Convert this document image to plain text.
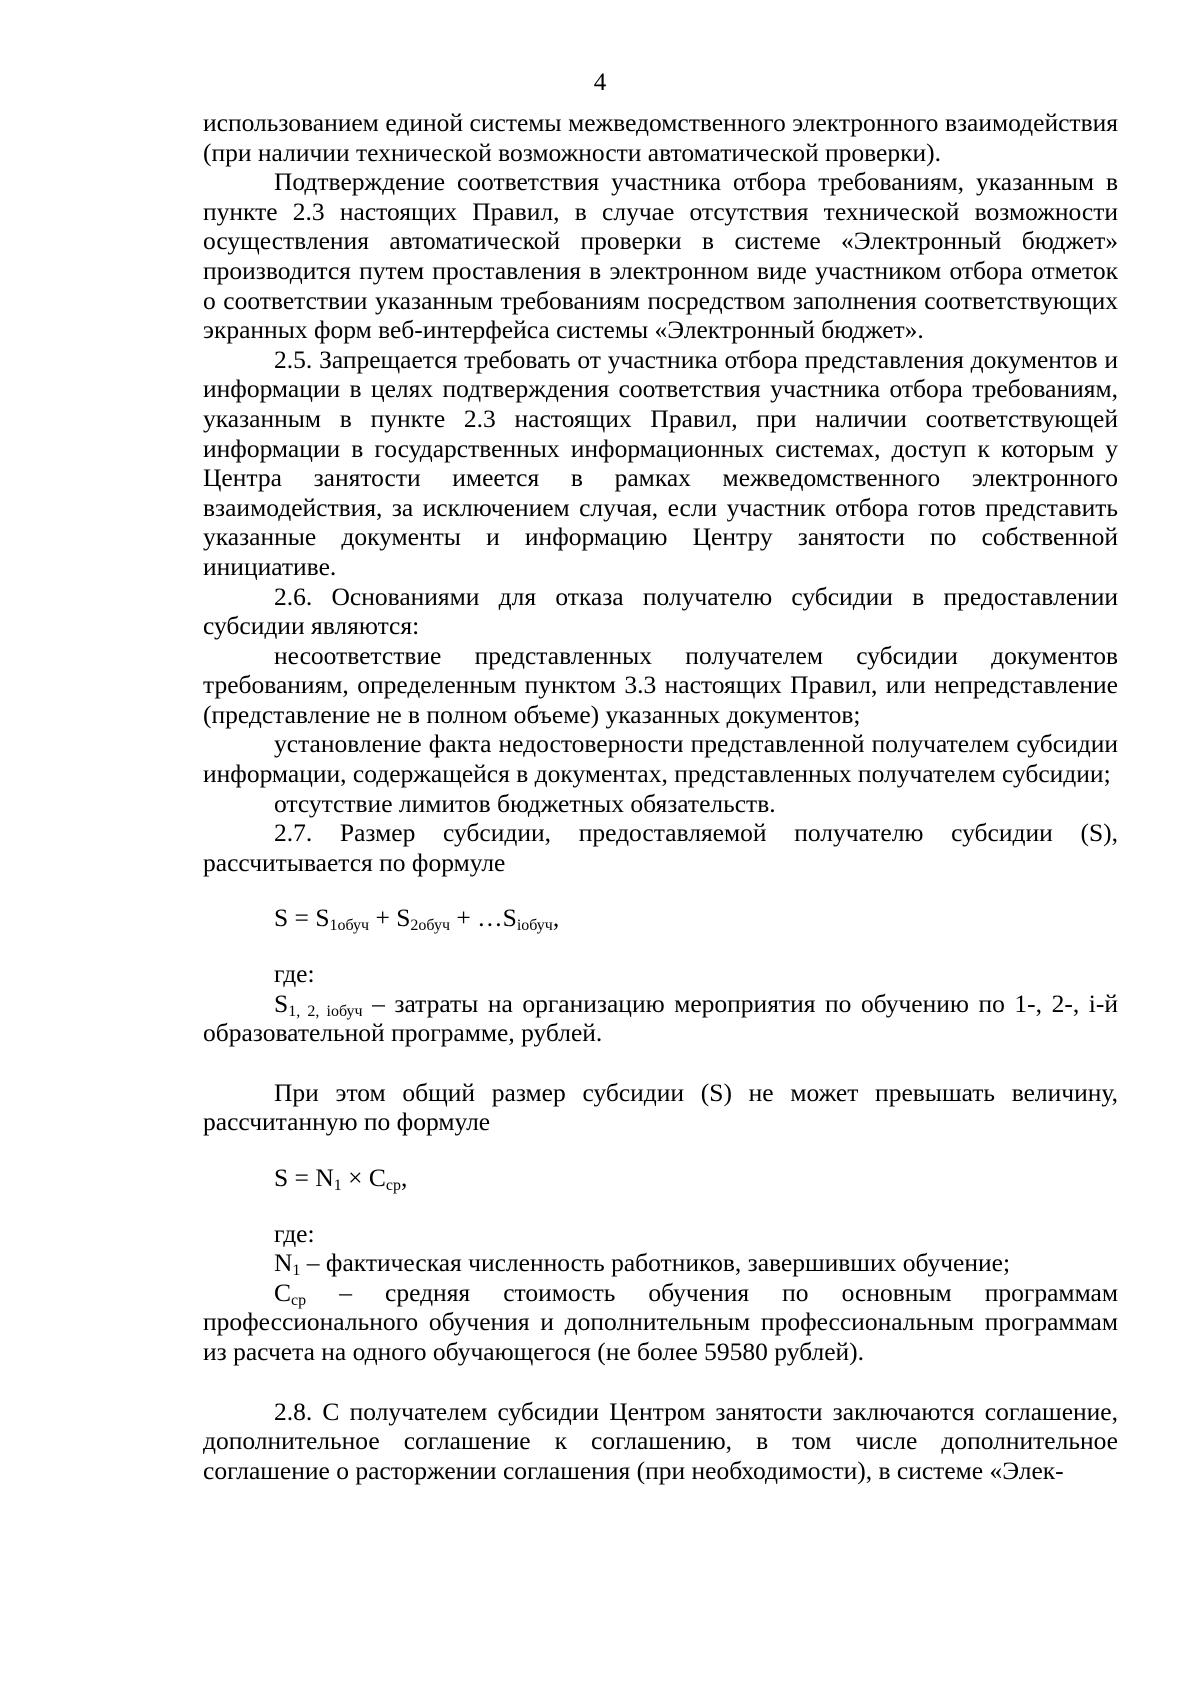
4

использованием единой системы межведомственного электронного взаимодействия (при наличии технической возможности автоматической проверки).

Подтверждение соответствия участника отбора требованиям, указанным в пункте 2.3 настоящих Правил, в случае отсутствия технической возможности осуществления автоматической проверки в системе «Электронный бюджет» производится путем проставления в электронном виде участником отбора отметок о соответствии указанным требованиям посредством заполнения соответствующих экранных форм веб-интерфейса системы «Электронный бюджет».

2.5. Запрещается требовать от участника отбора представления документов и информации в целях подтверждения соответствия участника отбора требованиям, указанным в пункте 2.3 настоящих Правил, при наличии соответствующей информации в государственных информационных системах, доступ к которым у Центра занятости имеется в рамках межведомственного электронного взаимодействия, за исключением случая, если участник отбора готов представить указанные документы и информацию Центру занятости по собственной инициативе.

2.6. Основаниями для отказа получателю субсидии в предоставлении субсидии являются:

несоответствие представленных получателем субсидии документов требованиям, определенным пунктом 3.3 настоящих Правил, или непредставление (представление не в полном объеме) указанных документов;

установление факта недостоверности представленной получателем субсидии информации, содержащейся в документах, представленных получателем субсидии;

отсутствие лимитов бюджетных обязательств.

2.7. Размер субсидии, предоставляемой получателю субсидии (S), рассчитывается по формуле

$S = S_{1обуч} + S_{2обуч}$ + $\dots S_{iобуч}$,

где:

$S_{1, 2, iобуч}$ – затраты на организацию мероприятия по обучению по 1-, 2-, i-й образовательной программе, рублей.

При этом общий размер субсидии (S) не может превышать величину, рассчитанную по формуле

$S = N_1 \times С_{ср}$,

где:

$N_1$ – фактическая численность работников, завершивших обучение;

$С_{ср}$ – средняя стоимость обучения по основным программам профессионального обучения и дополнительным профессиональным программам из расчета на одного обучающегося (не более 59580 рублей).

2.8. С получателем субсидии Центром занятости заключаются соглашение, дополнительное соглашение к соглашению, в том числе дополнительное соглашение о расторжении соглашения (при необходимости), в системе «Элек-
